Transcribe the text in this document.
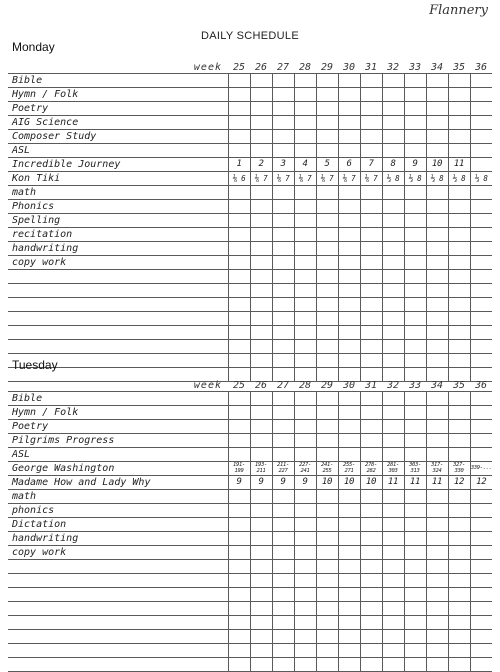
Flannery
DAILY SCHEDULE
Monday
week	25	26	27	28	29	30	31	32	33	34	35	36
Bible												
Hymn / Folk												
Poetry												
AIG Science												
Composer Study												
ASL												
Incredible Journey	1	2	3	4	5	6	7	8	9	10	11	
Kon Tiki	⅙ 6	⅙ 7	⅙ 7	⅙ 7	⅙ 7	⅙ 7	⅙ 7	⅓ 8	⅓ 8	⅓ 8	⅓ 8	⅓ 8
math												
Phonics												
Spelling												
recitation												
handwriting												
copy work												

Tuesday
week	25	26	27	28	29	30	31	32	33	34	35	36
Bible												
Hymn / Folk												
Poetry												
Pilgrims Progress												
ASL												
George Washington	191-199	193-211	211-227	227-241	241-255	255-271	278-282	281-303	303-313	317-324	327-330	339-...
Madame How and Lady Why	9	9	9	9	10	10	10	11	11	11	12	12
math												
phonics												
Dictation												
handwriting												
copy work												
